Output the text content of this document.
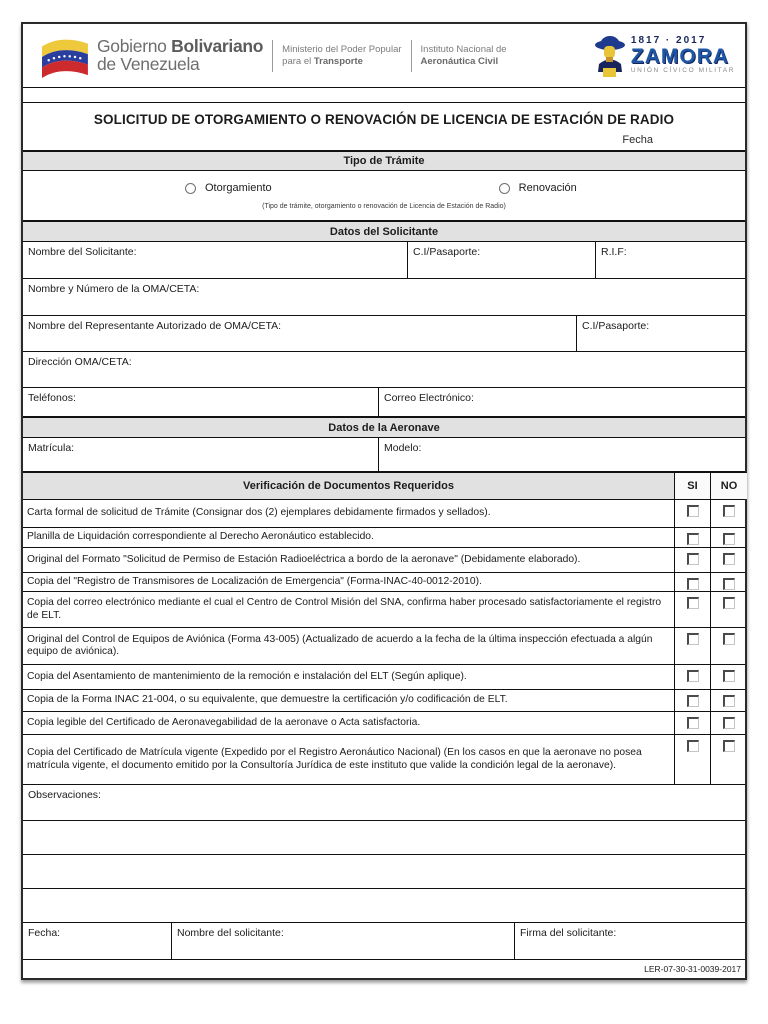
Gobierno Bolivariano
de Venezuela
Ministerio del Poder Popular
para el Transporte
Instituto Nacional de
Aeronáutica Civil
1817 · 2017
ZAMORA
UNIÓN CÍVICO MILITAR
SOLICITUD DE OTORGAMIENTO O RENOVACIÓN DE LICENCIA DE ESTACIÓN DE RADIO
Fecha
Tipo de Trámite
Otorgamiento	Renovación
(Tipo de trámite, otorgamiento o renovación de Licencia de Estación de Radio)
Datos del Solicitante
Nombre del Solicitante:	C.I/Pasaporte:	R.I.F:
Nombre y Número de la OMA/CETA:
Nombre del Representante Autorizado de OMA/CETA:	C.I/Pasaporte:
Dirección OMA/CETA:
Teléfonos:	Correo Electrónico:
Datos de la Aeronave
Matrícula:	Modelo:
Verificación de Documentos Requeridos	SI	NO
Carta formal de solicitud de Trámite (Consignar dos (2) ejemplares debidamente firmados y sellados).
Planilla de Liquidación correspondiente al Derecho Aeronáutico establecido.
Original del Formato "Solicitud de Permiso de Estación Radioeléctrica a bordo de la aeronave" (Debidamente elaborado).
Copia del "Registro de Transmisores de Localización de Emergencia" (Forma-INAC-40-0012-2010).
Copia del correo electrónico mediante el cual el Centro de Control Misión del SNA, confirma haber procesado satisfactoriamente el registro de ELT.
Original del Control de Equipos de Aviónica (Forma 43-005) (Actualizado de acuerdo a la fecha de la última inspección efectuada a algún equipo de aviónica).
Copia del Asentamiento de mantenimiento de la remoción e instalación del ELT (Según aplique).
Copia de la Forma INAC 21-004, o su equivalente, que demuestre la certificación y/o codificación de ELT.
Copia legible del Certificado de Aeronavegabilidad de la aeronave o Acta satisfactoria.
Copia del Certificado de Matrícula vigente (Expedido por el Registro Aeronáutico Nacional) (En los casos en que la aeronave no posea matrícula vigente, el documento emitido por la Consultoría Jurídica de este instituto que valide la condición legal de la aeronave).
Observaciones:
Fecha:	Nombre del solicitante:	Firma del solicitante:
LER-07-30-31-0039-2017
